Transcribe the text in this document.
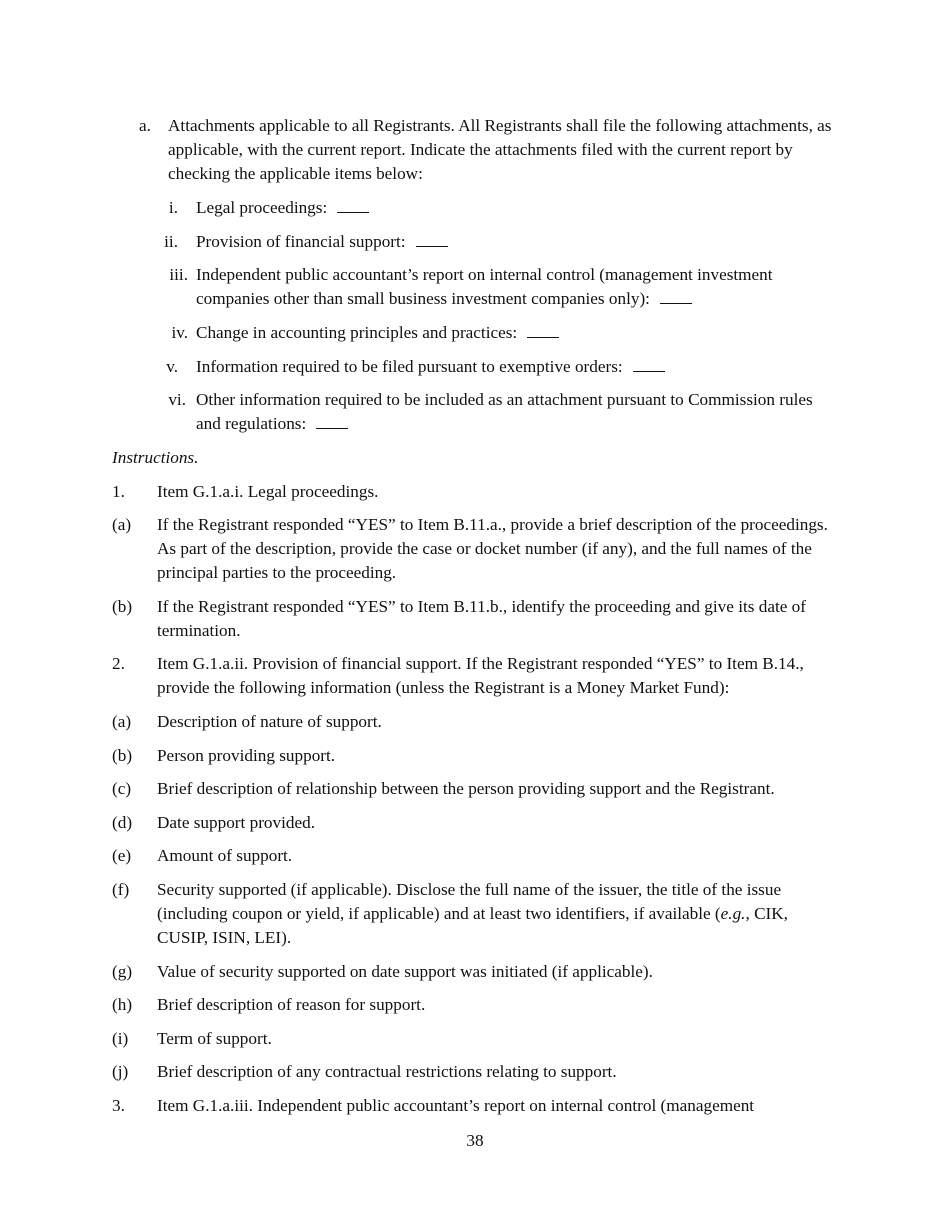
a. Attachments applicable to all Registrants. All Registrants shall file the following attachments, as applicable, with the current report. Indicate the attachments filed with the current report by checking the applicable items below:
i. Legal proceedings:
ii. Provision of financial support:
iii. Independent public accountant’s report on internal control (management investment companies other than small business investment companies only):
iv. Change in accounting principles and practices:
v. Information required to be filed pursuant to exemptive orders:
vi. Other information required to be included as an attachment pursuant to Commission rules and regulations:
Instructions.
1. Item G.1.a.i. Legal proceedings.
(a) If the Registrant responded “YES” to Item B.11.a., provide a brief description of the proceedings. As part of the description, provide the case or docket number (if any), and the full names of the principal parties to the proceeding.
(b) If the Registrant responded “YES” to Item B.11.b., identify the proceeding and give its date of termination.
2. Item G.1.a.ii. Provision of financial support. If the Registrant responded “YES” to Item B.14., provide the following information (unless the Registrant is a Money Market Fund):
(a) Description of nature of support.
(b) Person providing support.
(c) Brief description of relationship between the person providing support and the Registrant.
(d) Date support provided.
(e) Amount of support.
(f) Security supported (if applicable). Disclose the full name of the issuer, the title of the issue (including coupon or yield, if applicable) and at least two identifiers, if available (e.g., CIK, CUSIP, ISIN, LEI).
(g) Value of security supported on date support was initiated (if applicable).
(h) Brief description of reason for support.
(i) Term of support.
(j) Brief description of any contractual restrictions relating to support.
3. Item G.1.a.iii. Independent public accountant’s report on internal control (management
38
